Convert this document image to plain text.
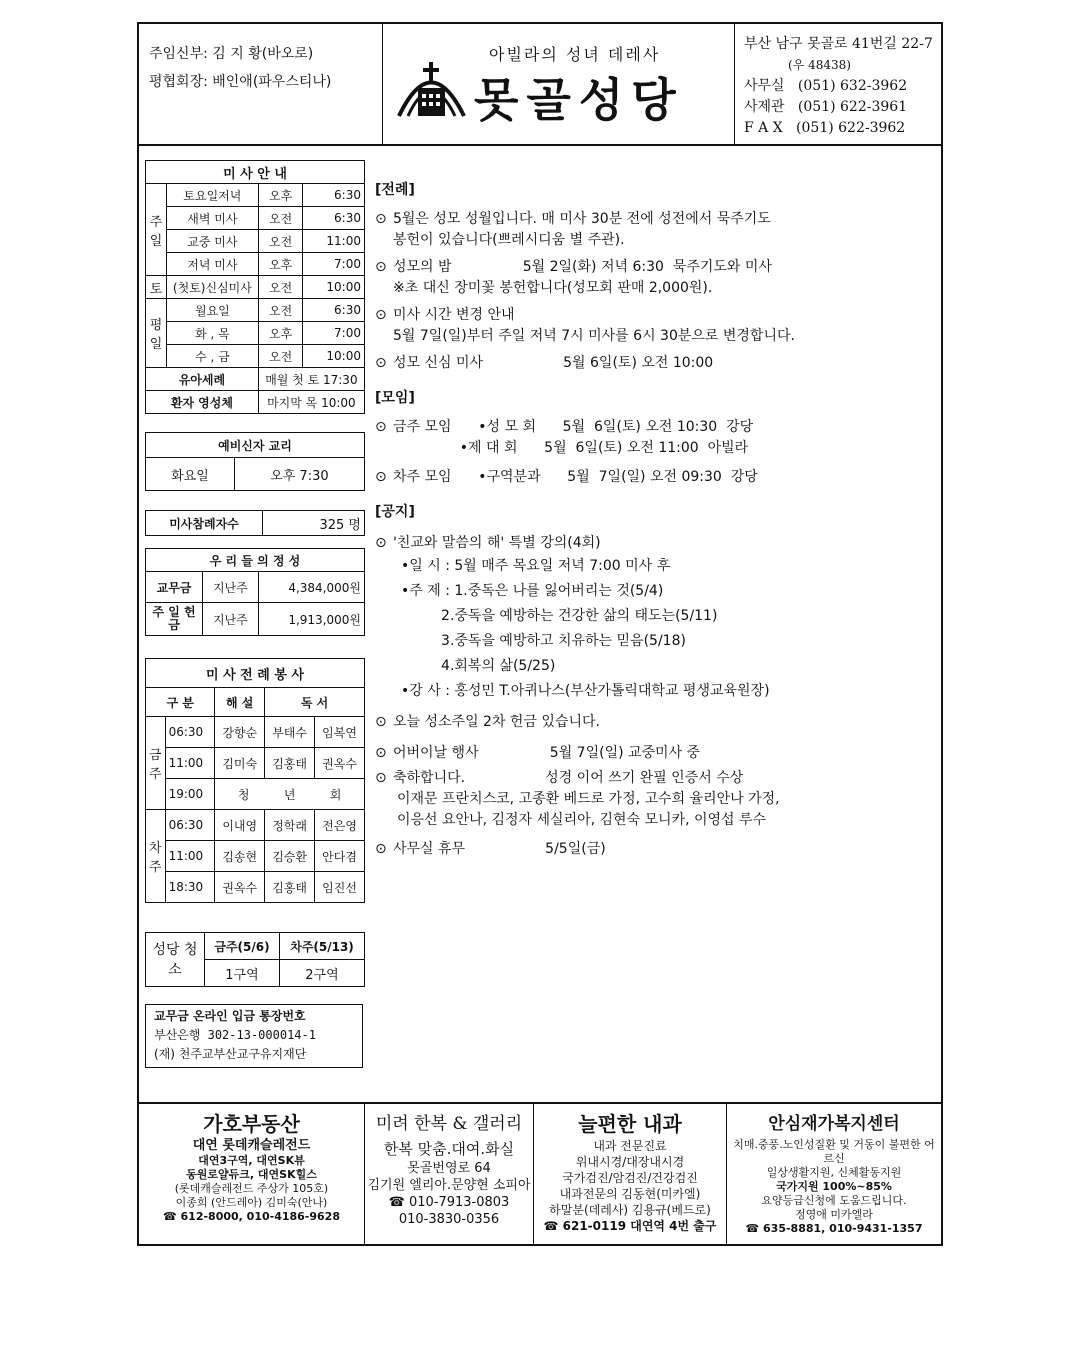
주임신부: 김 지 황(바오로)
평협회장: 배인애(파우스티나)
아빌라의 성녀 데레사
못골성당
부산 남구 못골로 41번길 22-7
(우 48438)
사무실   (051) 632-3962
사제관   (051) 622-3961
F A X   (051) 622-3962
미 사 안 내			
주일	토요일저녁	오후	6:30
	새벽 미사	오전	6:30
	교중 미사	오전	11:00
	저녁 미사	오후	7:00
토	(첫토)신심미사	오전	10:00
평일	월요일	오전	6:30
	화 , 목	오후	7:00
	수 , 금	오전	10:00
유아세례		매월 첫 토 17:30	
환자 영성체		마지막 목 10:00	
예비신자 교리
화요일	오후 7:30
미사참례자수	325 명
우 리 들 의 정 성		
교무금	지난주	4,384,000원
주 일 헌 금	지난주	1,913,000원
미 사 전 례 봉 사				
구 분		해 설	독 서	
금주	06:30	강향순	부태수	임복연
	11:00	김미숙	김홍태	권옥수
	19:00	청         년         회		
차주	06:30	이내영	정학래	전은영
	11:00	김송현	김승환	안다겸
	18:30	권옥수	김홍태	임진선
성당 청소	금주(5/6)	차주(5/13)
	1구역	2구역
교무금 온라인 입금 통장번호
부산은행 302-13-000014-1
(재) 천주교부산교구유지재단
[전례]
⊙ 5월은 성모 성월입니다. 매 미사 30분 전에 성전에서 묵주기도
봉헌이 있습니다(쁘레시디움 별 주관).
⊙ 성모의 밤                5월 2일(화) 저녁 6:30  묵주기도와 미사
※초 대신 장미꽃 봉헌합니다(성모회 판매 2,000원).
⊙ 미사 시간 변경 안내
5월 7일(일)부터 주일 저녁 7시 미사를 6시 30분으로 변경합니다.
⊙ 성모 신심 미사                  5월 6일(토) 오전 10:00
[모임]
⊙ 금주 모임      •성 모 회      5월  6일(토) 오전 10:30  강당
•제 대 회      5월  6일(토) 오전 11:00  아빌라
⊙ 차주 모임      •구역분과      5월  7일(일) 오전 09:30  강당
[공지]
⊙ '친교와 말씀의 해' 특별 강의(4회)
•일 시 : 5월 매주 목요일 저녁 7:00 미사 후
•주 제 : 1.중독은 나를 잃어버리는 것(5/4)
2.중독을 예방하는 건강한 삶의 태도는(5/11)
3.중독을 예방하고 치유하는 믿음(5/18)
4.회복의 삶(5/25)
•강 사 : 홍성민 T.아퀴나스(부산가톨릭대학교 평생교육원장)
⊙ 오늘 성소주일 2차 헌금 있습니다.
⊙ 어버이날 행사                5월 7일(일) 교중미사 중
⊙ 축하합니다.                  성경 이어 쓰기 완필 인증서 수상
이재문 프란치스코, 고종환 베드로 가정, 고수희 율리안나 가정,
이응선 요안나, 김정자 세실리아, 김현숙 모니카, 이영섭 루수
⊙ 사무실 휴무                  5/5일(금)
가호부동산
대연 롯데캐슬레전드
대연3구역, 대연SK뷰
동원로얄듀크, 대연SK힐스
(롯데캐슬레전드 주상가 105호)
이종희 (안드레아) 김미숙(안나)
☎ 612-8000, 010-4186-9628
미려 한복 & 갤러리
한복 맞춤.대여.화실
못골번영로 64
김기원 엘리아.문양현 소피아
☎ 010-7913-0803
010-3830-0356
늘편한 내과
내과 전문진료
위내시경/대장내시경
국가검진/암검진/건강검진
내과전문의 김동현(미카엘)
하말분(데레사) 김용규(베드로)
☎ 621-0119 대연역 4번 출구
안심재가복지센터
치매.중풍.노인성질환 및 거동이 불편한 어르신
일상생활지원, 신체활동지원
국가지원 100%~85%
요양등급신청에 도움드립니다.
정영애 미카엘라
☎ 635-8881, 010-9431-1357
